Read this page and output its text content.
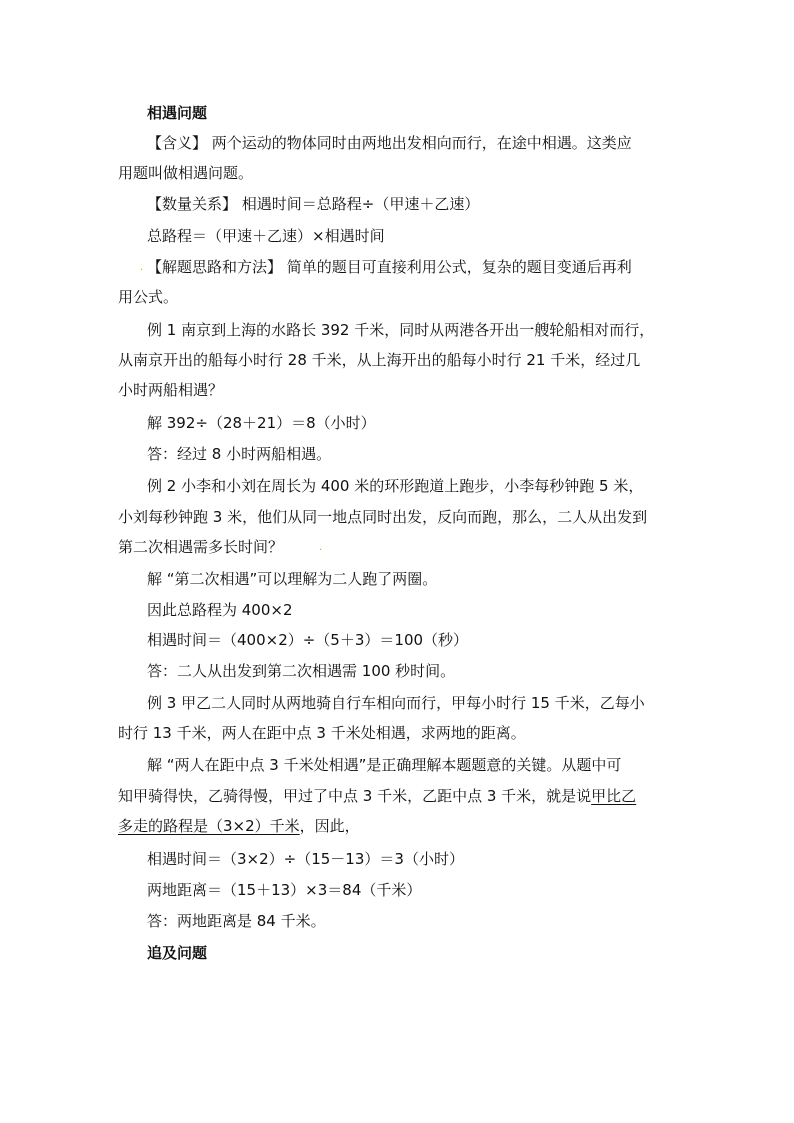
相遇问题
【含义】 两个运动的物体同时由两地出发相向而行，在途中相遇。这类应
用题叫做相遇问题。
【数量关系】 相遇时间＝总路程÷（甲速＋乙速）
总路程＝（甲速＋乙速）×相遇时间
【解题思路和方法】 简单的题目可直接利用公式，复杂的题目变通后再利
用公式。
例 1 南京到上海的水路长 392 千米，同时从两港各开出一艘轮船相对而行，
从南京开出的船每小时行 28 千米，从上海开出的船每小时行 21 千米，经过几
小时两船相遇？
解 392÷（28＋21）＝8（小时）
答：经过 8 小时两船相遇。
例 2 小李和小刘在周长为 400 米的环形跑道上跑步，小李每秒钟跑 5 米，
小刘每秒钟跑 3 米，他们从同一地点同时出发，反向而跑，那么，二人从出发到
第二次相遇需多长时间？
解 “第二次相遇”可以理解为二人跑了两圈。
因此总路程为 400×2
相遇时间＝（400×2）÷（5＋3）＝100（秒）
答：二人从出发到第二次相遇需 100 秒时间。
例 3 甲乙二人同时从两地骑自行车相向而行，甲每小时行 15 千米，乙每小
时行 13 千米，两人在距中点 3 千米处相遇，求两地的距离。
解 “两人在距中点 3 千米处相遇”是正确理解本题题意的关键。从题中可
知甲骑得快，乙骑得慢，甲过了中点 3 千米，乙距中点 3 千米，就是说甲比乙
多走的路程是（3×2）千米，因此，
相遇时间＝（3×2）÷（15－13）＝3（小时）
两地距离＝（15＋13）×3＝84（千米）
答：两地距离是 84 千米。
追及问题
.
.
